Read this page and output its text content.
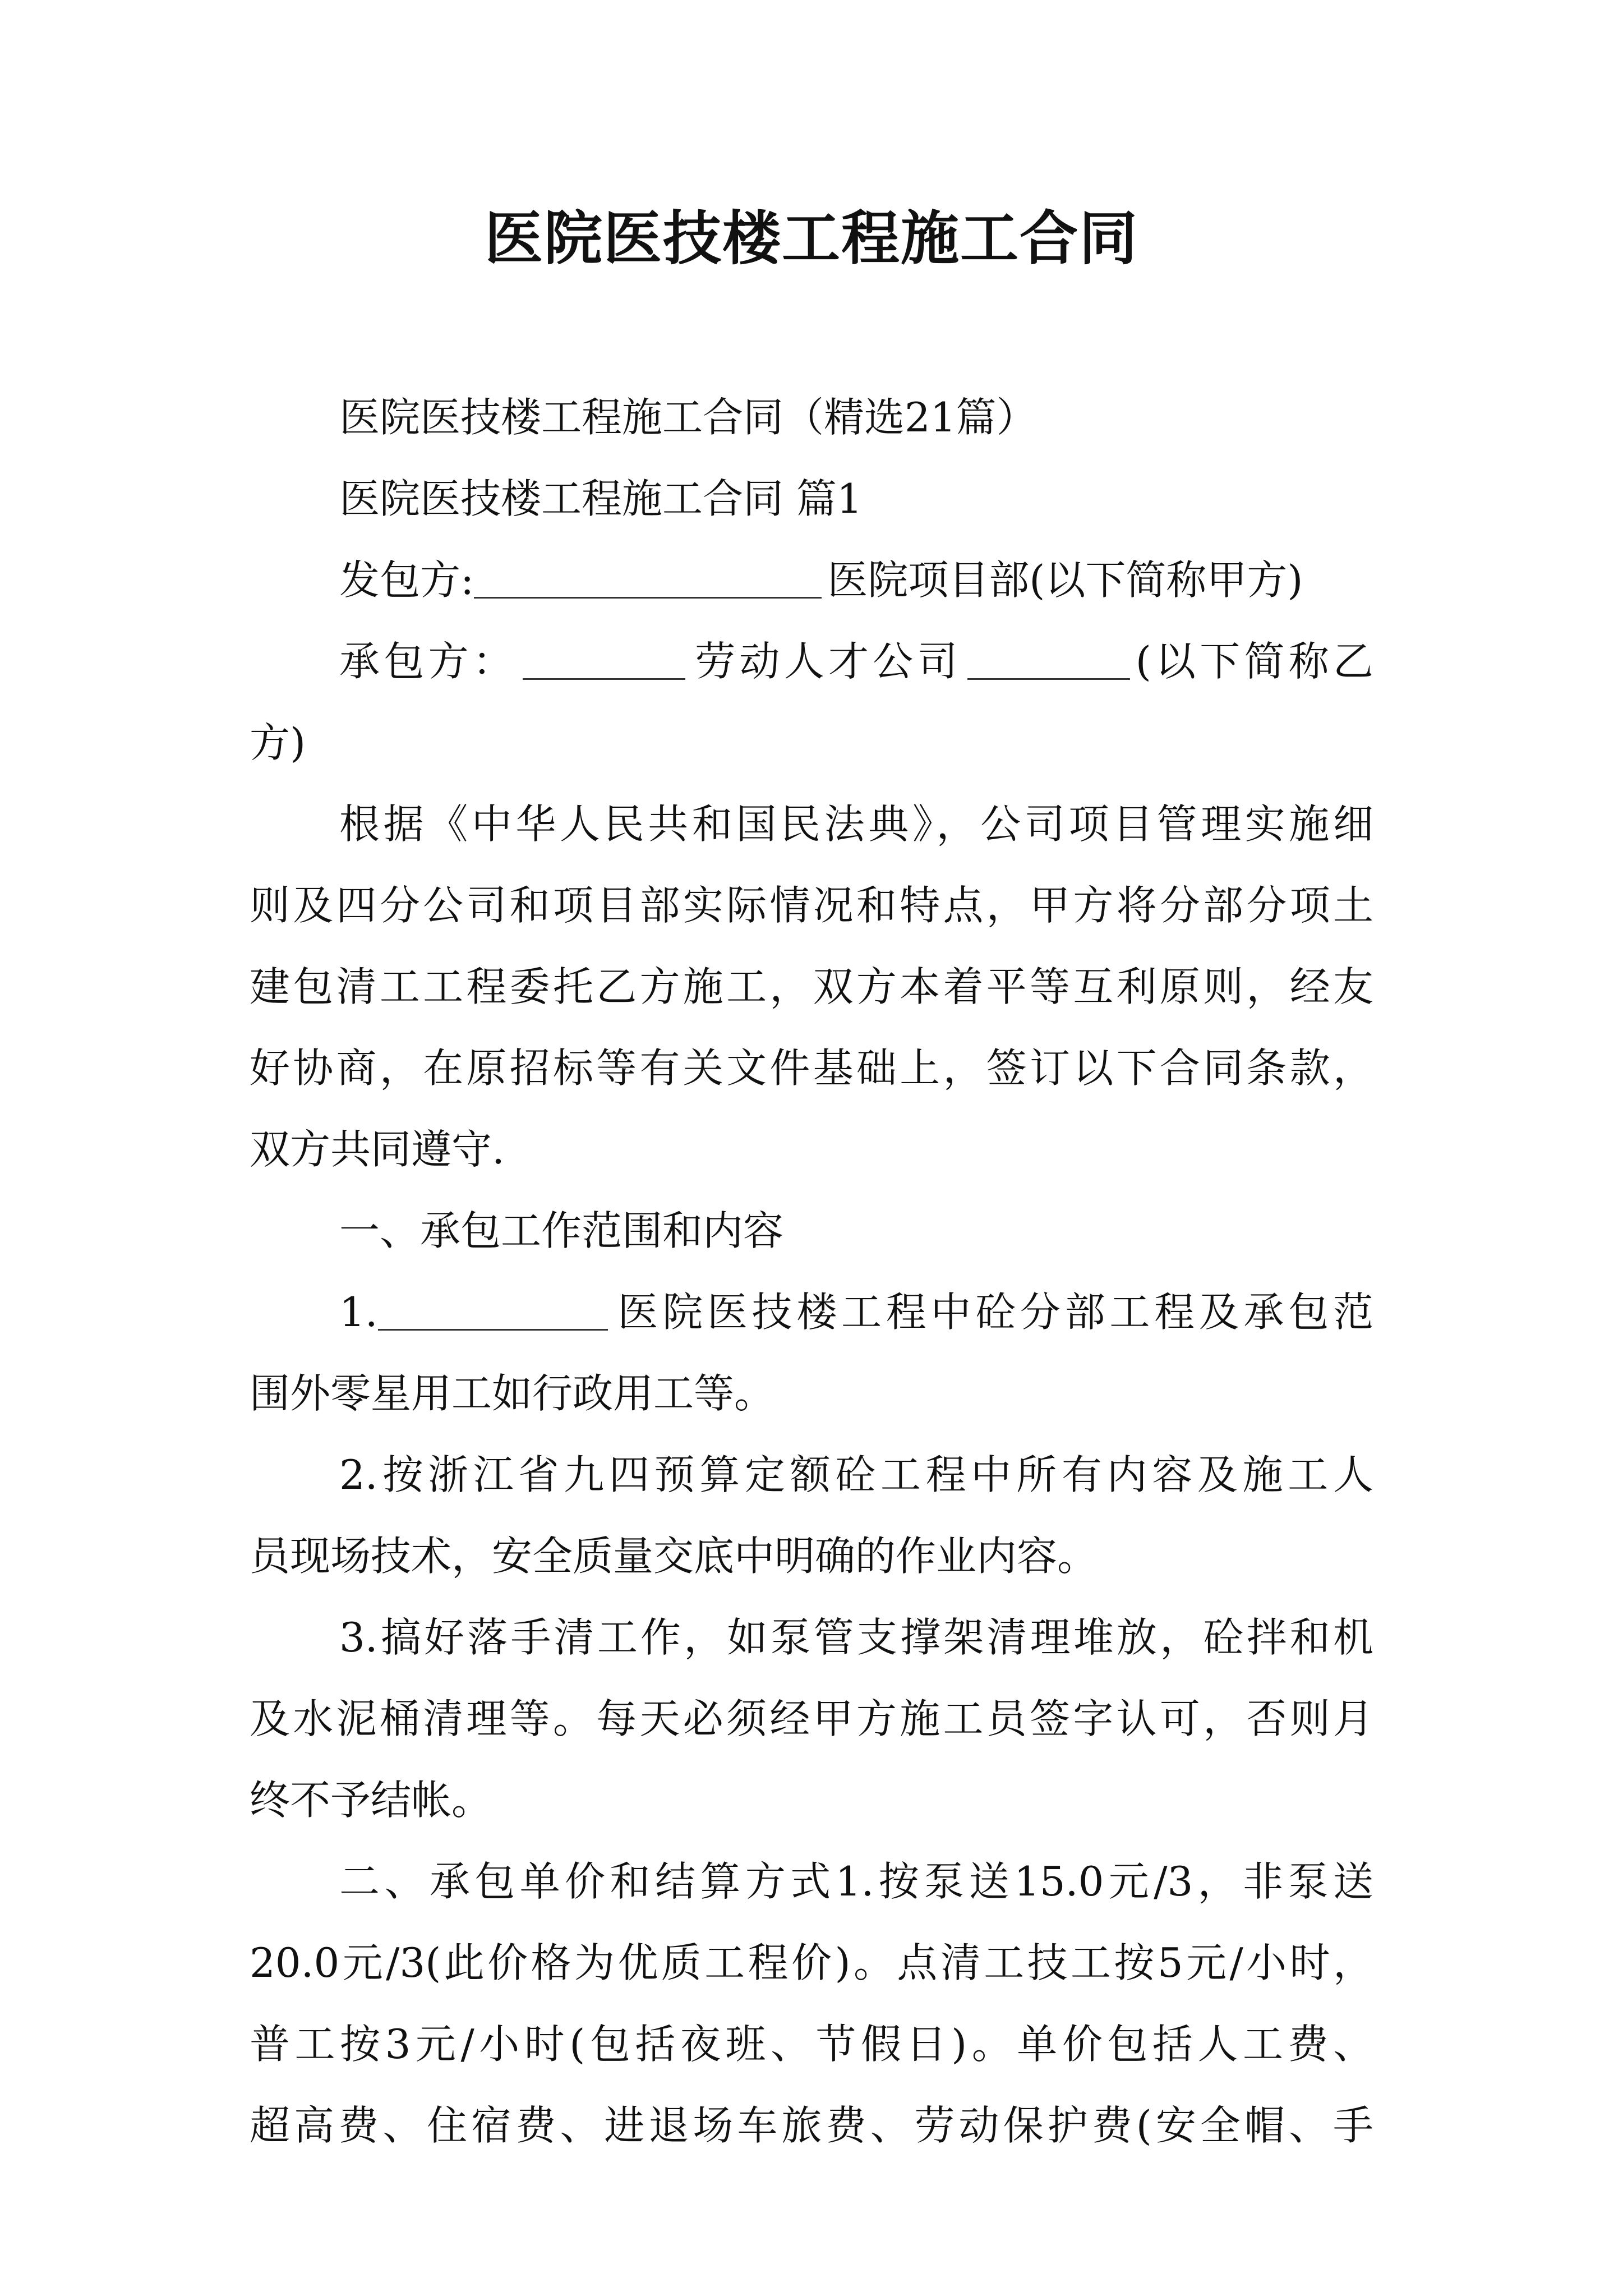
医院医技楼工程施工合同
医院医技楼工程施工合同（精选21篇）
医院医技楼工程施工合同 篇1
发包方:	医院项目部(以下简称甲方)
承包方：	劳动人才公司	(以下简称乙
方)
根据《中华人民共和国民法典》，公司项目管理实施细
则及四分公司和项目部实际情况和特点，甲方将分部分项土
建包清工工程委托乙方施工，双方本着平等互利原则，经友
好协商，在原招标等有关文件基础上，签订以下合同条款，
双方共同遵守.
一、承包工作范围和内容
1.	医院医技楼工程中砼分部工程及承包范
围外零星用工如行政用工等。
2.按浙江省九四预算定额砼工程中所有内容及施工人
员现场技术，安全质量交底中明确的作业内容。
3.搞好落手清工作，如泵管支撑架清理堆放，砼拌和机
及水泥桶清理等。每天必须经甲方施工员签字认可，否则月
终不予结帐。
二、承包单价和结算方式1.按泵送15.0元/3，非泵送
20.0元/3(此价格为优质工程价)。点清工技工按5元/小时，
普工按3元/小时(包括夜班、节假日)。单价包括人工费、
超高费、住宿费、进退场车旅费、劳动保护费(安全帽、手
